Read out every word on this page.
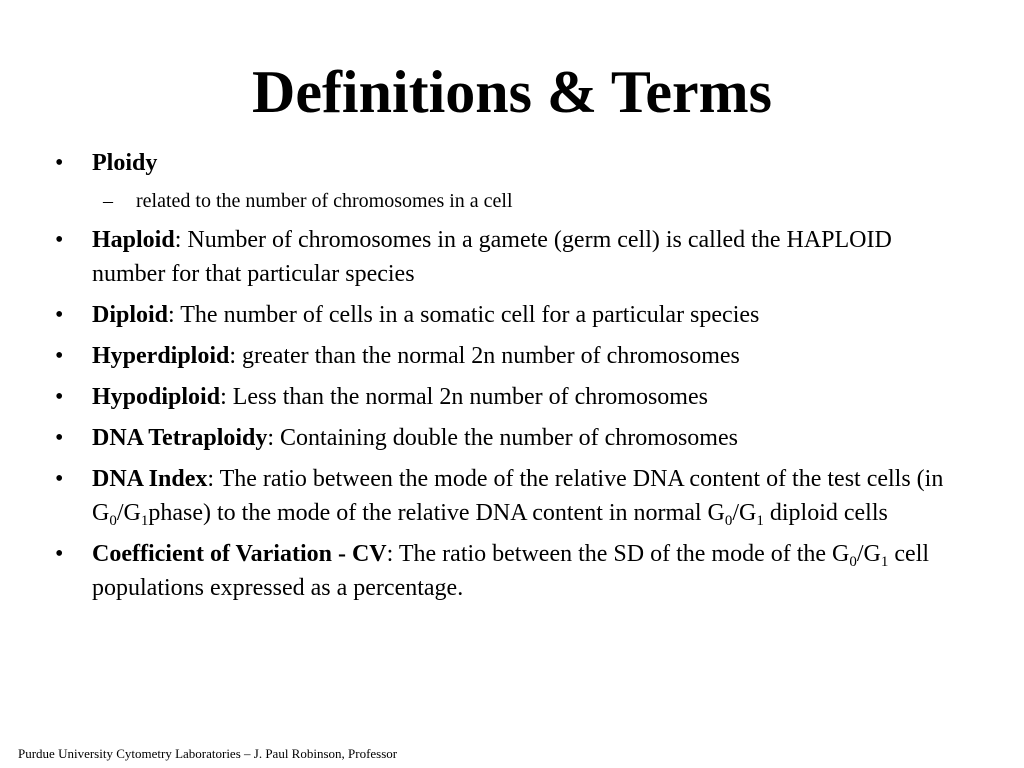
Definitions & Terms
•	Ploidy
– related to the number of chromosomes in a cell
•	Haploid: Number of chromosomes in a gamete (germ cell) is called the HAPLOID number for that particular species
•	Diploid: The number of cells in a somatic cell for a particular species
•	Hyperdiploid: greater than the normal 2n number of chromosomes
•	Hypodiploid: Less than the normal 2n number of chromosomes
•	DNA Tetraploidy: Containing double the number of chromosomes
•	DNA Index: The ratio between the mode of the relative DNA content of the test cells (in $G_0/G_1phase$) to the mode of the relative DNA content in normal $G_0/G_1$ diploid cells
•	Coefficient of Variation - CV: The ratio between the SD of the mode of the $G_0/G_1$ cell populations expressed as a percentage.
Purdue University Cytometry Laboratories – J. Paul Robinson, Professor
